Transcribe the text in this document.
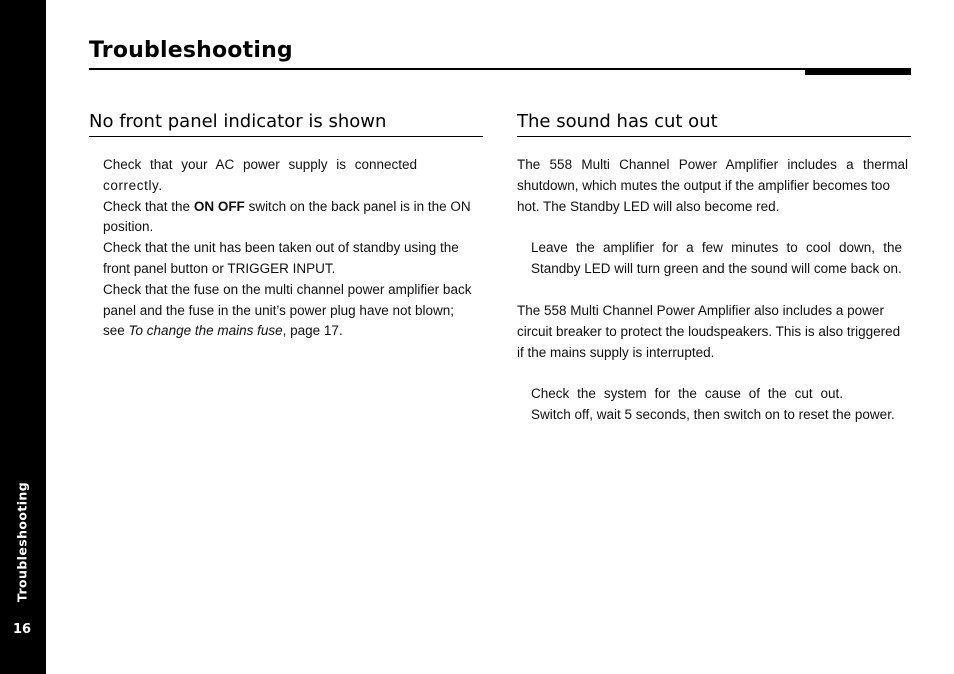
Troubleshooting
16
Troubleshooting
No front panel indicator is shown

Check that your AC power supply is connected

correctly.

Check that the ON OFF switch on the back panel is in the ON

position.

Check that the unit has been taken out of standby using the

front panel button or TRIGGER INPUT.

Check that the fuse on the multi channel power amplifier back

panel and the fuse in the unit’s power plug have not blown;

see To change the mains fuse, page 17.

The sound has cut out

The 558 Multi Channel Power Amplifier includes a thermal

shutdown, which mutes the output if the amplifier becomes too

hot. The Standby LED will also become red.

Leave the amplifier for a few minutes to cool down, the

Standby LED will turn green and the sound will come back on.

The 558 Multi Channel Power Amplifier also includes a power

circuit breaker to protect the loudspeakers. This is also triggered

if the mains supply is interrupted.

Check the system for the cause of the cut out.

Switch off, wait 5 seconds, then switch on to reset the power.
